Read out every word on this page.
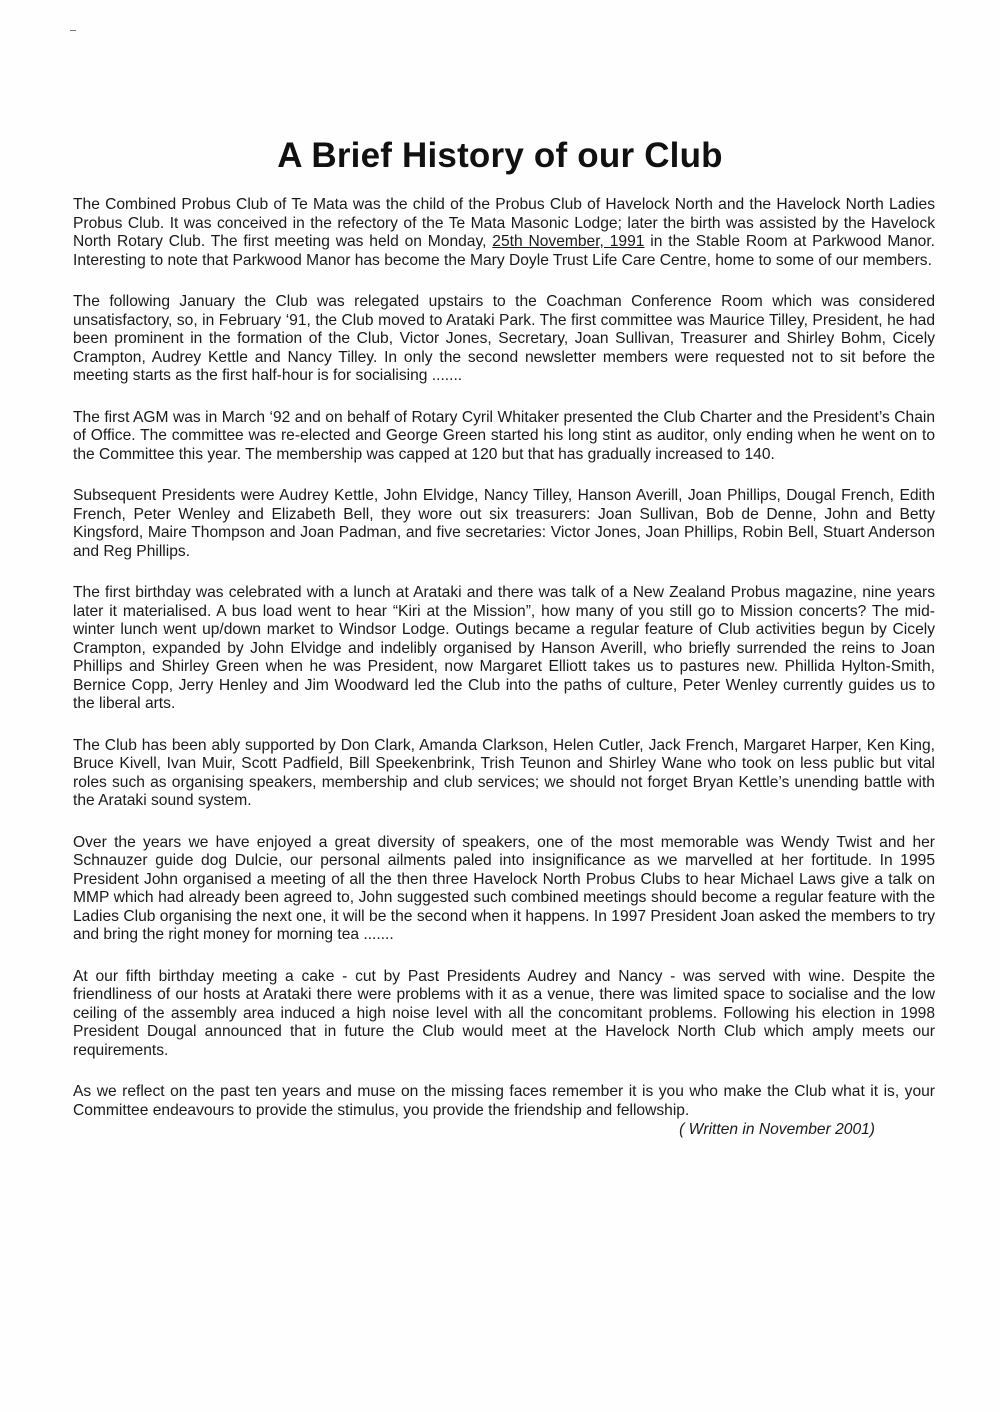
A Brief History of our Club

The Combined Probus Club of Te Mata was the child of the Probus Club of Havelock North and the Havelock North Ladies Probus Club. It was conceived in the refectory of the Te Mata Masonic Lodge; later the birth was assisted by the Havelock North Rotary Club. The first meeting was held on Monday, 25th November, 1991 in the Stable Room at Parkwood Manor. Interesting to note that Parkwood Manor has become the Mary Doyle Trust Life Care Centre, home to some of our members.

The following January the Club was relegated upstairs to the Coachman Conference Room which was considered unsatisfactory, so, in February ‘91, the Club moved to Arataki Park. The first committee was Maurice Tilley, President, he had been prominent in the formation of the Club, Victor Jones, Secretary, Joan Sullivan, Treasurer and Shirley Bohm, Cicely Crampton, Audrey Kettle and Nancy Tilley. In only the second newsletter members were requested not to sit before the meeting starts as the first half-hour is for socialising .......

The first AGM was in March ‘92 and on behalf of Rotary Cyril Whitaker presented the Club Charter and the President’s Chain of Office. The committee was re-elected and George Green started his long stint as auditor, only ending when he went on to the Committee this year. The membership was capped at 120 but that has gradually increased to 140.

Subsequent Presidents were Audrey Kettle, John Elvidge, Nancy Tilley, Hanson Averill, Joan Phillips, Dougal French, Edith French, Peter Wenley and Elizabeth Bell, they wore out six treasurers: Joan Sullivan, Bob de Denne, John and Betty Kingsford, Maire Thompson and Joan Padman, and five secretaries: Victor Jones, Joan Phillips, Robin Bell, Stuart Anderson and Reg Phillips.

The first birthday was celebrated with a lunch at Arataki and there was talk of a New Zealand Probus magazine, nine years later it materialised. A bus load went to hear “Kiri at the Mission”, how many of you still go to Mission concerts? The mid-winter lunch went up/down market to Windsor Lodge. Outings became a regular feature of Club activities begun by Cicely Crampton, expanded by John Elvidge and indelibly organised by Hanson Averill, who briefly surrended the reins to Joan Phillips and Shirley Green when he was President, now Margaret Elliott takes us to pastures new. Phillida Hylton-Smith, Bernice Copp, Jerry Henley and Jim Woodward led the Club into the paths of culture, Peter Wenley currently guides us to the liberal arts.

The Club has been ably supported by Don Clark, Amanda Clarkson, Helen Cutler, Jack French, Margaret Harper, Ken King, Bruce Kivell, Ivan Muir, Scott Padfield, Bill Speekenbrink, Trish Teunon and Shirley Wane who took on less public but vital roles such as organising speakers, membership and club services; we should not forget Bryan Kettle’s unending battle with the Arataki sound system.

Over the years we have enjoyed a great diversity of speakers, one of the most memorable was Wendy Twist and her Schnauzer guide dog Dulcie, our personal ailments paled into insignificance as we marvelled at her fortitude. In 1995 President John organised a meeting of all the then three Havelock North Probus Clubs to hear Michael Laws give a talk on MMP which had already been agreed to, John suggested such combined meetings should become a regular feature with the Ladies Club organising the next one, it will be the second when it happens. In 1997 President Joan asked the members to try and bring the right money for morning tea .......

At our fifth birthday meeting a cake - cut by Past Presidents Audrey and Nancy - was served with wine. Despite the friendliness of our hosts at Arataki there were problems with it as a venue, there was limited space to socialise and the low ceiling of the assembly area induced a high noise level with all the concomitant problems. Following his election in 1998 President Dougal announced that in future the Club would meet at the Havelock North Club which amply meets our requirements.

As we reflect on the past ten years and muse on the missing faces remember it is you who make the Club what it is, your Committee endeavours to provide the stimulus, you provide the friendship and fellowship.

( Written in November 2001)
